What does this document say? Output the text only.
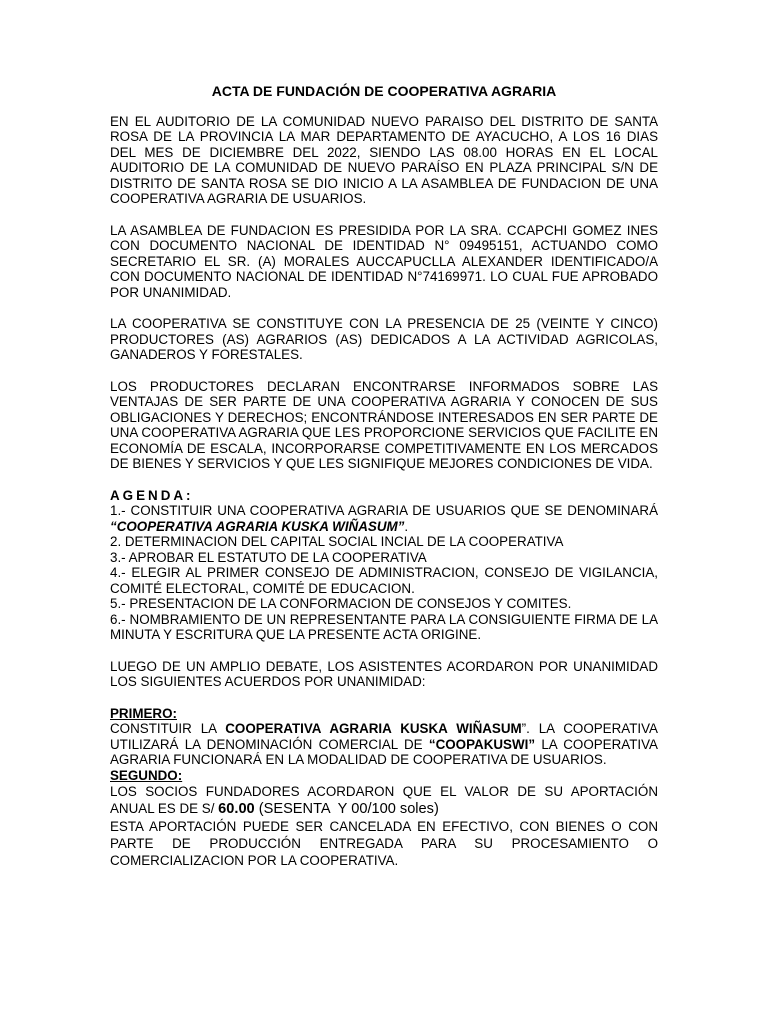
ACTA DE FUNDACIÓN DE COOPERATIVA AGRARIA

EN EL AUDITORIO DE LA COMUNIDAD NUEVO PARAISO DEL DISTRITO DE SANTA ROSA DE LA PROVINCIA LA MAR DEPARTAMENTO DE AYACUCHO, A LOS 16 DIAS DEL MES DE DICIEMBRE DEL 2022, SIENDO LAS 08.00 HORAS EN EL LOCAL AUDITORIO DE LA COMUNIDAD DE NUEVO PARAÍSO EN PLAZA PRINCIPAL S/N DE DISTRITO DE SANTA ROSA SE DIO INICIO A LA ASAMBLEA DE FUNDACION DE UNA COOPERATIVA AGRARIA DE USUARIOS.

LA ASAMBLEA DE FUNDACION ES PRESIDIDA POR LA SRA. CCAPCHI GOMEZ INES CON DOCUMENTO NACIONAL DE IDENTIDAD N° 09495151, ACTUANDO COMO SECRETARIO EL SR. (A) MORALES AUCCAPUCLLA ALEXANDER IDENTIFICADO/A CON DOCUMENTO NACIONAL DE IDENTIDAD N°74169971. LO CUAL FUE APROBADO POR UNANIMIDAD.

LA COOPERATIVA SE CONSTITUYE CON LA PRESENCIA DE 25 (VEINTE Y CINCO) PRODUCTORES (AS) AGRARIOS (AS) DEDICADOS A LA ACTIVIDAD AGRICOLAS, GANADEROS Y FORESTALES.

LOS PRODUCTORES DECLARAN ENCONTRARSE INFORMADOS SOBRE LAS VENTAJAS DE SER PARTE DE UNA COOPERATIVA AGRARIA Y CONOCEN DE SUS OBLIGACIONES Y DERECHOS; ENCONTRÁNDOSE INTERESADOS EN SER PARTE DE UNA COOPERATIVA AGRARIA QUE LES PROPORCIONE SERVICIOS QUE FACILITE EN ECONOMÍA DE ESCALA, INCORPORARSE COMPETITIVAMENTE EN LOS MERCADOS DE BIENES Y SERVICIOS Y QUE LES SIGNIFIQUE MEJORES CONDICIONES DE VIDA.

AGENDA:

1.- CONSTITUIR UNA COOPERATIVA AGRARIA DE USUARIOS QUE SE DENOMINARÁ “COOPERATIVA AGRARIA KUSKA WIÑASUM”.

2. DETERMINACION DEL CAPITAL SOCIAL INCIAL DE LA COOPERATIVA

3.- APROBAR EL ESTATUTO DE LA COOPERATIVA

4.- ELEGIR AL PRIMER CONSEJO DE ADMINISTRACION, CONSEJO DE VIGILANCIA, COMITÉ ELECTORAL, COMITÉ DE EDUCACION.

5.- PRESENTACION DE LA CONFORMACION DE CONSEJOS Y COMITES.

6.- NOMBRAMIENTO DE UN REPRESENTANTE PARA LA CONSIGUIENTE FIRMA DE LA MINUTA Y ESCRITURA QUE LA PRESENTE ACTA ORIGINE.

LUEGO DE UN AMPLIO DEBATE, LOS ASISTENTES ACORDARON POR UNANIMIDAD LOS SIGUIENTES ACUERDOS POR UNANIMIDAD:

PRIMERO:

CONSTITUIR LA COOPERATIVA AGRARIA KUSKA WIÑASUM”. LA COOPERATIVA UTILIZARÁ LA DENOMINACIÓN COMERCIAL DE “COOPAKUSWI” LA COOPERATIVA AGRARIA FUNCIONARÁ EN LA MODALIDAD DE COOPERATIVA DE USUARIOS.

SEGUNDO:

LOS SOCIOS FUNDADORES ACORDARON QUE EL VALOR DE SU APORTACIÓN ANUAL ES DE S/ 60.00 (SESENTA  Y 00/100 soles)

ESTA APORTACIÓN PUEDE SER CANCELADA EN EFECTIVO, CON BIENES O CON PARTE DE PRODUCCIÓN ENTREGADA PARA SU PROCESAMIENTO O COMERCIALIZACION POR LA COOPERATIVA.
